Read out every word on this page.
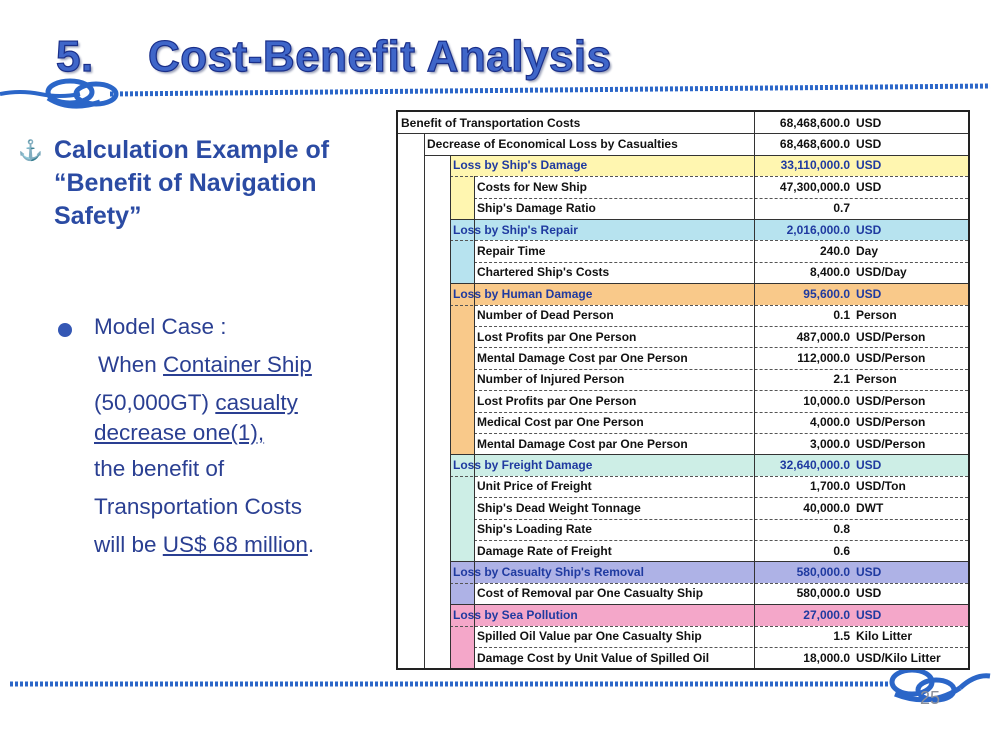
5. Cost-Benefit Analysis
⚓ Calculation Example of
“Benefit of Navigation
Safety”
Model Case :
When Container Ship
(50,000GT) casualty
decrease one(1),
the benefit of
Transportation Costs
will be US$ 68 million.
Benefit of Transportation Costs	68,468,600.0 USD
Decrease of Economical Loss by Casualties	68,468,600.0 USD
Loss by Ship's Damage	33,110,000.0 USD
Costs for New Ship	47,300,000.0 USD
Ship's Damage Ratio	0.7
Loss by Ship's Repair	2,016,000.0 USD
Repair Time	240.0 Day
Chartered Ship's Costs	8,400.0 USD/Day
Loss by Human Damage	95,600.0 USD
Number of Dead Person	0.1 Person
Lost Profits par One Person	487,000.0 USD/Person
Mental Damage Cost par One Person	112,000.0 USD/Person
Number of Injured Person	2.1 Person
Lost Profits par One Person	10,000.0 USD/Person
Medical Cost par One Person	4,000.0 USD/Person
Mental Damage Cost par One Person	3,000.0 USD/Person
Loss by Freight Damage	32,640,000.0 USD
Unit Price of Freight	1,700.0 USD/Ton
Ship's Dead Weight Tonnage	40,000.0 DWT
Ship's Loading Rate	0.8
Damage Rate of Freight	0.6
Loss by Casualty Ship's Removal	580,000.0 USD
Cost of Removal par One Casualty Ship	580,000.0 USD
Loss by Sea Pollution	27,000.0 USD
Spilled Oil Value par One Casualty Ship	1.5 Kilo Litter
Damage Cost by Unit Value of Spilled Oil	18,000.0 USD/Kilo Litter
25
